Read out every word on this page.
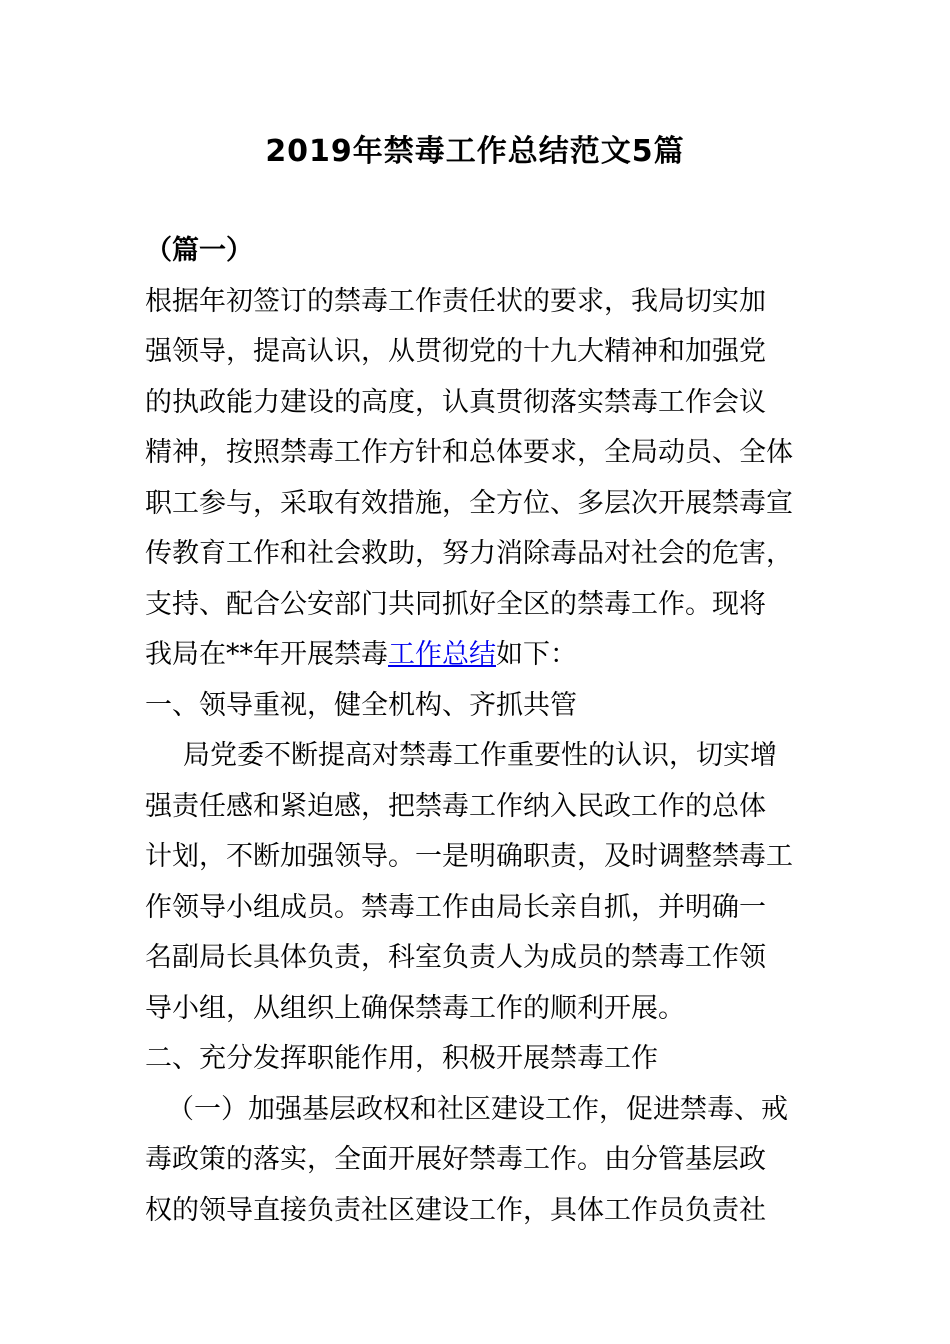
2019年禁毒工作总结范文5篇
（篇一）
根据年初签订的禁毒工作责任状的要求，我局切实加
强领导，提高认识，从贯彻党的十九大精神和加强党
的执政能力建设的高度，认真贯彻落实禁毒工作会议
精神，按照禁毒工作方针和总体要求，全局动员、全体
职工参与，采取有效措施，全方位、多层次开展禁毒宣
传教育工作和社会救助，努力消除毒品对社会的危害，
支持、配合公安部门共同抓好全区的禁毒工作。现将
我局在**年开展禁毒工作总结如下：
一、领导重视，健全机构、齐抓共管
局党委不断提高对禁毒工作重要性的认识，切实增
强责任感和紧迫感，把禁毒工作纳入民政工作的总体
计划，不断加强领导。一是明确职责，及时调整禁毒工
作领导小组成员。禁毒工作由局长亲自抓，并明确一
名副局长具体负责，科室负责人为成员的禁毒工作领
导小组，从组织上确保禁毒工作的顺利开展。
二、充分发挥职能作用，积极开展禁毒工作
（一）加强基层政权和社区建设工作，促进禁毒、戒
毒政策的落实，全面开展好禁毒工作。由分管基层政
权的领导直接负责社区建设工作，具体工作员负责社
